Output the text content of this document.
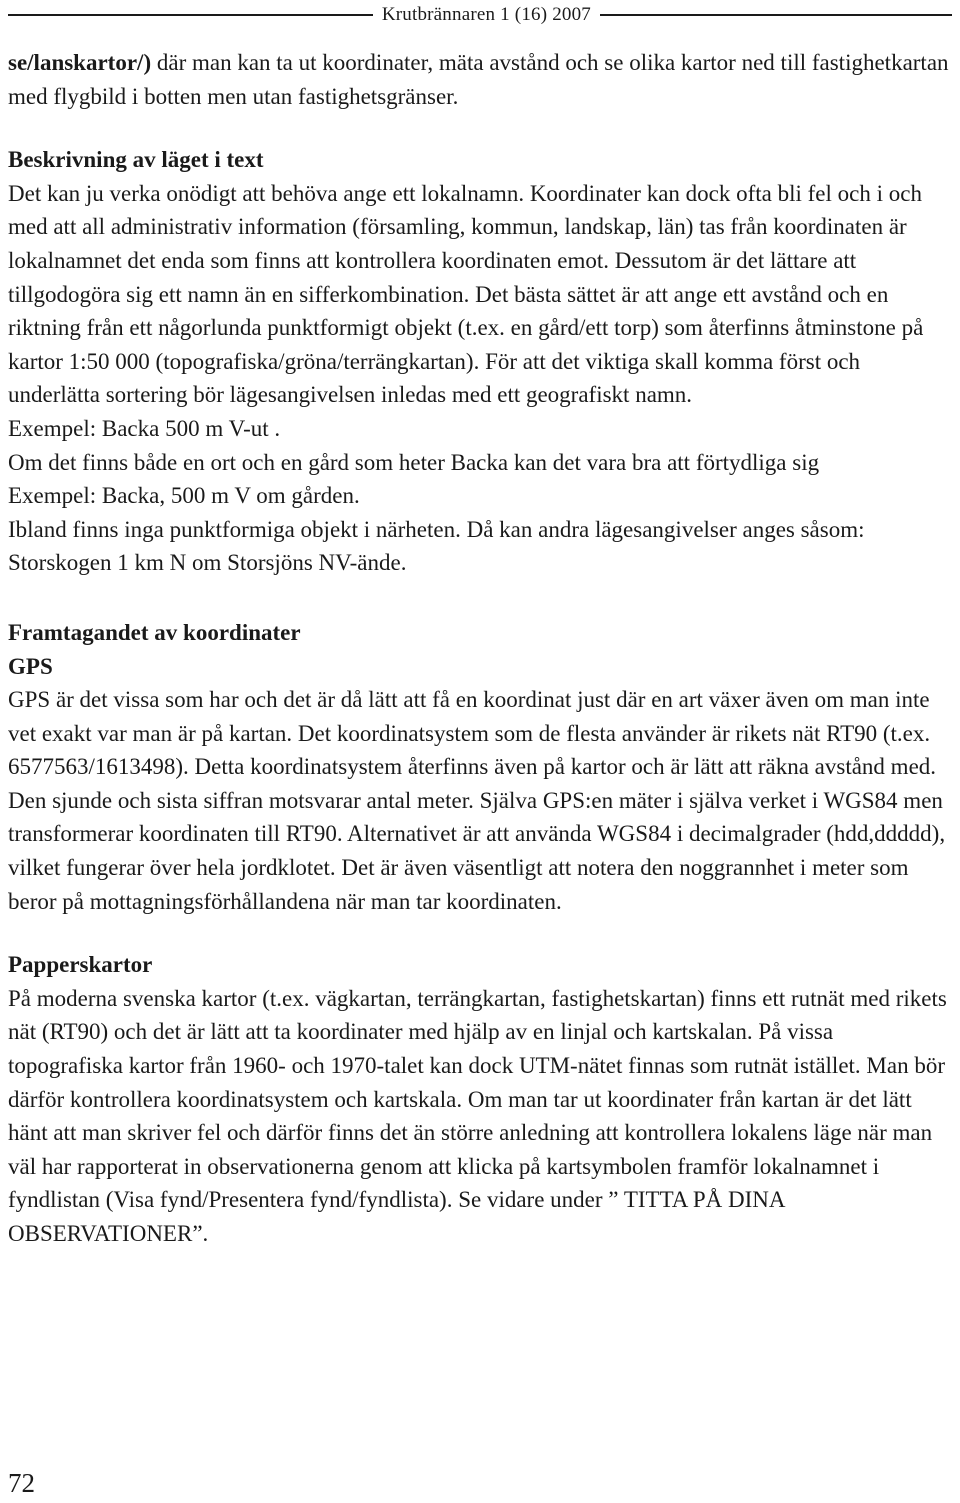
Krutbrännaren 1 (16) 2007

se/lanskartor/) där man kan ta ut koordinater, mäta avstånd och se olika kartor ned till fastighetkartan med flygbild i botten men utan fastighetsgränser.

Beskrivning av läget i text

Det kan ju verka onödigt att behöva ange ett lokalnamn. Koordinater kan dock ofta bli fel och i och med att all administrativ information (församling, kommun, landskap, län) tas från koordinaten är lokalnamnet det enda som finns att kontrollera koordinaten emot. Dessutom är det lättare att tillgodogöra sig ett namn än en sifferkombination. Det bästa sättet är att ange ett avstånd och en riktning från ett någorlunda punktformigt objekt (t.ex. en gård/ett torp) som återfinns åtminstone på kartor 1:50 000 (topografiska/gröna/terrängkartan). För att det viktiga skall komma först och underlätta sortering bör lägesangivelsen inledas med ett geografiskt namn.

Exempel: Backa 500 m V-ut .

Om det finns både en ort och en gård som heter Backa kan det vara bra att förtydliga sig

Exempel: Backa, 500 m V om gården.

Ibland finns inga punktformiga objekt i närheten. Då kan andra lägesangivelser anges såsom:

Storskogen 1 km N om Storsjöns NV-ände.

Framtagandet av koordinater
GPS

GPS är det vissa som har och det är då lätt att få en koordinat just där en art växer även om man inte vet exakt var man är på kartan. Det koordinatsystem som de flesta använder är rikets nät RT90 (t.ex. 6577563/1613498). Detta koordinatsystem återfinns även på kartor och är lätt att räkna avstånd med. Den sjunde och sista siffran motsvarar antal meter. Själva GPS:en mäter i själva verket i WGS84 men transformerar koordinaten till RT90. Alternativet är att använda WGS84 i decimalgrader (hdd,ddddd), vilket fungerar över hela jordklotet. Det är även väsentligt att notera den noggrannhet i meter som beror på mottagningsförhållandena när man tar koordinaten.

Papperskartor

På moderna svenska kartor (t.ex. vägkartan, terrängkartan, fastighetskartan) finns ett rutnät med rikets nät (RT90) och det är lätt att ta koordinater med hjälp av en linjal och kartskalan. På vissa topografiska kartor från 1960- och 1970-talet kan dock UTM-nätet finnas som rutnät istället. Man bör därför kontrollera koordinatsystem och kartskala. Om man tar ut koordinater från kartan är det lätt hänt att man skriver fel och därför finns det än större anledning att kontrollera lokalens läge när man väl har rapporterat in observationerna genom att klicka på kartsymbolen framför lokalnamnet i fyndlistan (Visa fynd/Presentera fynd/fyndlista). Se vidare under ” TITTA PÅ DINA OBSERVATIONER”.

72
